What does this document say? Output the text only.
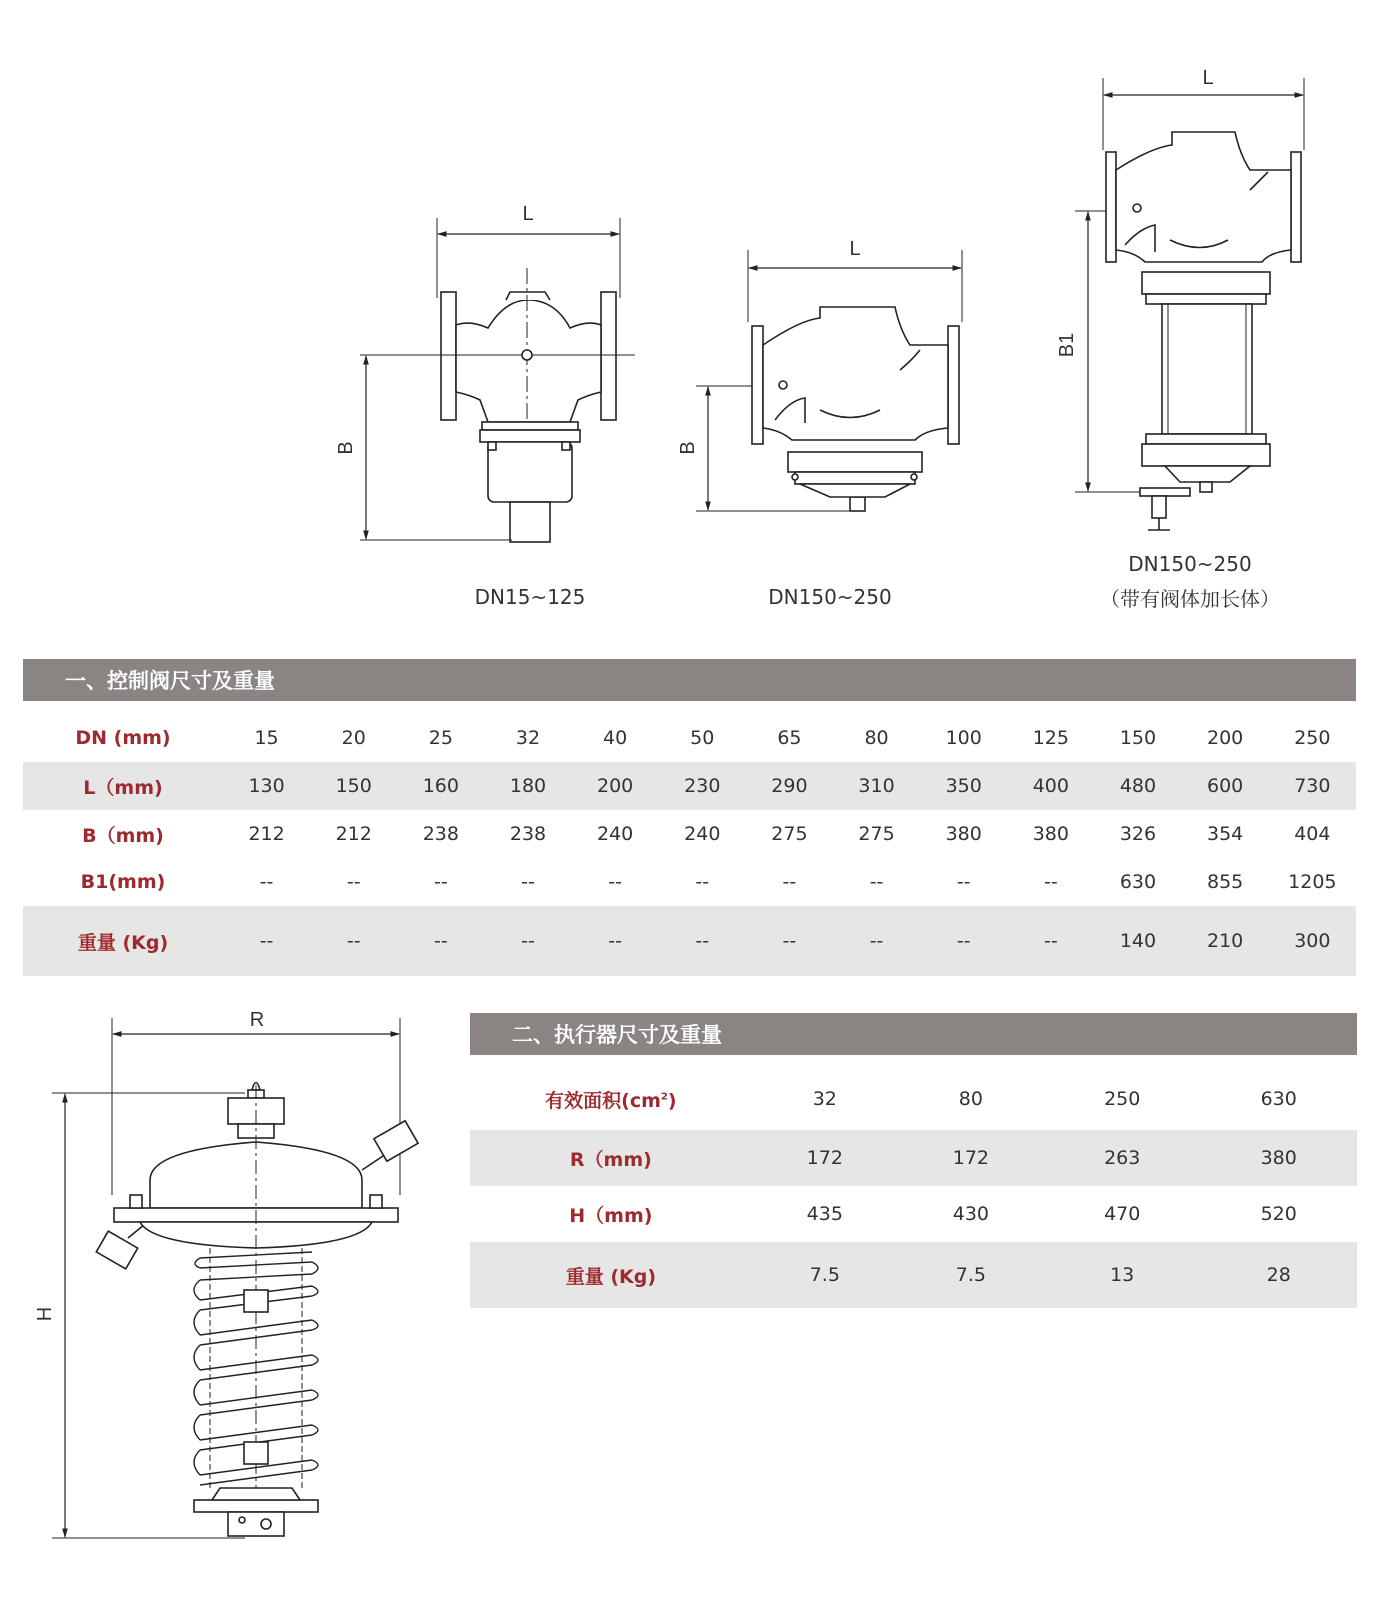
L
B
L
B
L
B1
DN15~125	DN150~250
DN150~250
（带有阀体加长体）
一、控制阀尺寸及重量
DN (mm)	15	20	25	32	40	50	65	80	100	125	150	200	250
L（mm)	130	150	160	180	200	230	290	310	350	400	480	600	730
B（mm)	212	212	238	238	240	240	275	275	380	380	326	354	404
B1(mm)	--	--	--	--	--	--	--	--	--	--	630	855	1205
重量 (Kg)	--	--	--	--	--	--	--	--	--	--	140	210	300
R
H
二、执行器尺寸及重量
有效面积$(cm^2)$	32	80	250	630
R（mm)	172	172	263	380
H（mm)	435	430	470	520
重量 (Kg)	7.5	7.5	13	28
